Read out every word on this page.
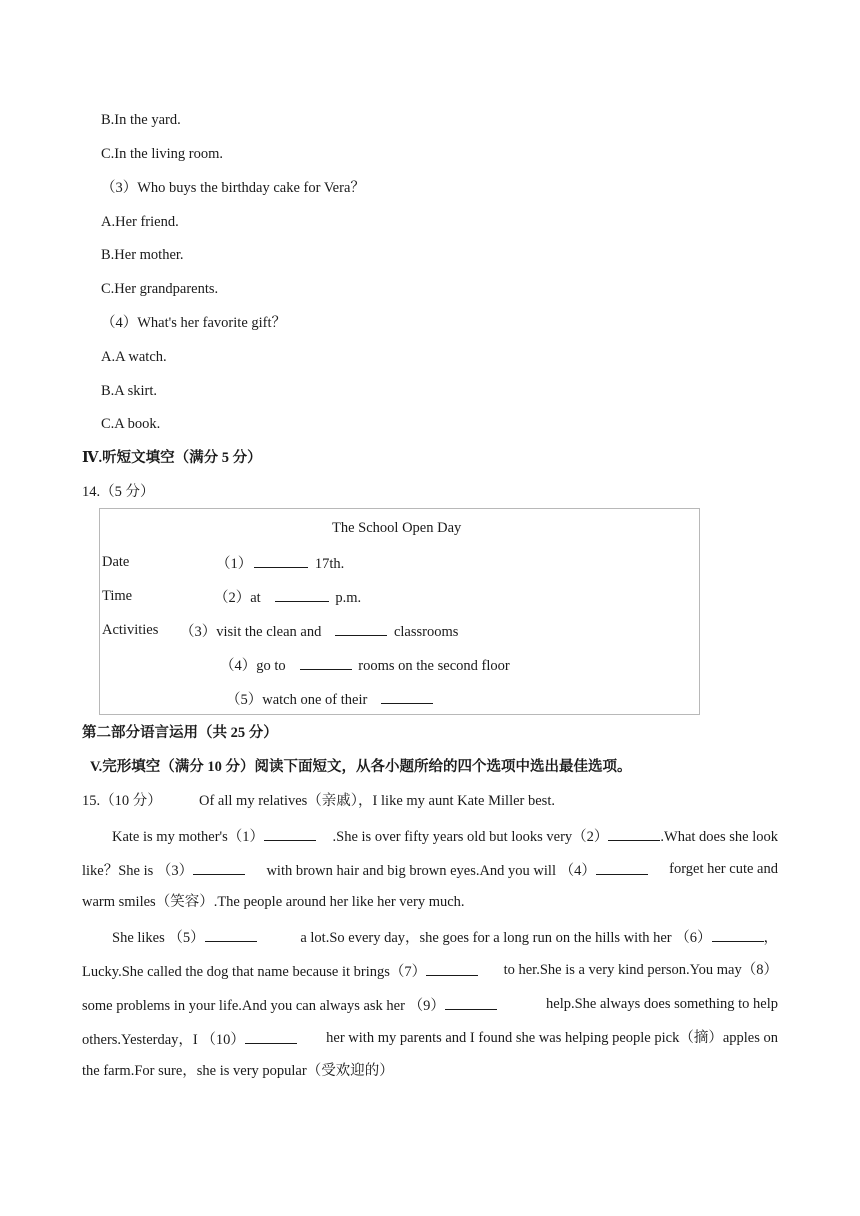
B.In the yard.
C.In the living room.
（3）Who buys the birthday cake for Vera？
A.Her friend.
B.Her mother.
C.Her grandparents.
（4）What's her favorite gift？
A.A watch.
B.A skirt.
C.A book.
Ⅳ.听短文填空（满分 5 分）
14.（5 分）
The School Open Day
Date	（1）	17th.
Time	（2）at	p.m.
Activities （3）visit the clean and	classrooms
（4）go to	rooms on the second floor
（5）watch one of their
第二部分语言运用（共 25 分）
V.完形填空（满分 10 分）阅读下面短文，从各小题所给的四个选项中选出最佳选项。
15.（10 分）	Of all my relatives（亲戚），I like my aunt Kate Miller best.
Kate is my mother's（1）	.She is over fifty years old but looks very（2）	.What does she look
like？She is （3）	with brown hair and big brown eyes.And you will （4）	forget her cute and
warm smiles（笑容）.The people around her like her very much.
She likes （5）	a lot.So every day，she goes for a long run on the hills with her （6）	，
Lucky.She called the dog that name because it brings（7）	to her.She is a very kind person.You may（8）
some problems in your life.And you can always ask her （9）	help.She always does something to help
others.Yesterday，I （10）	her with my parents and I found she was helping people pick（摘）apples on
the farm.For sure，she is very popular（受欢迎的）
